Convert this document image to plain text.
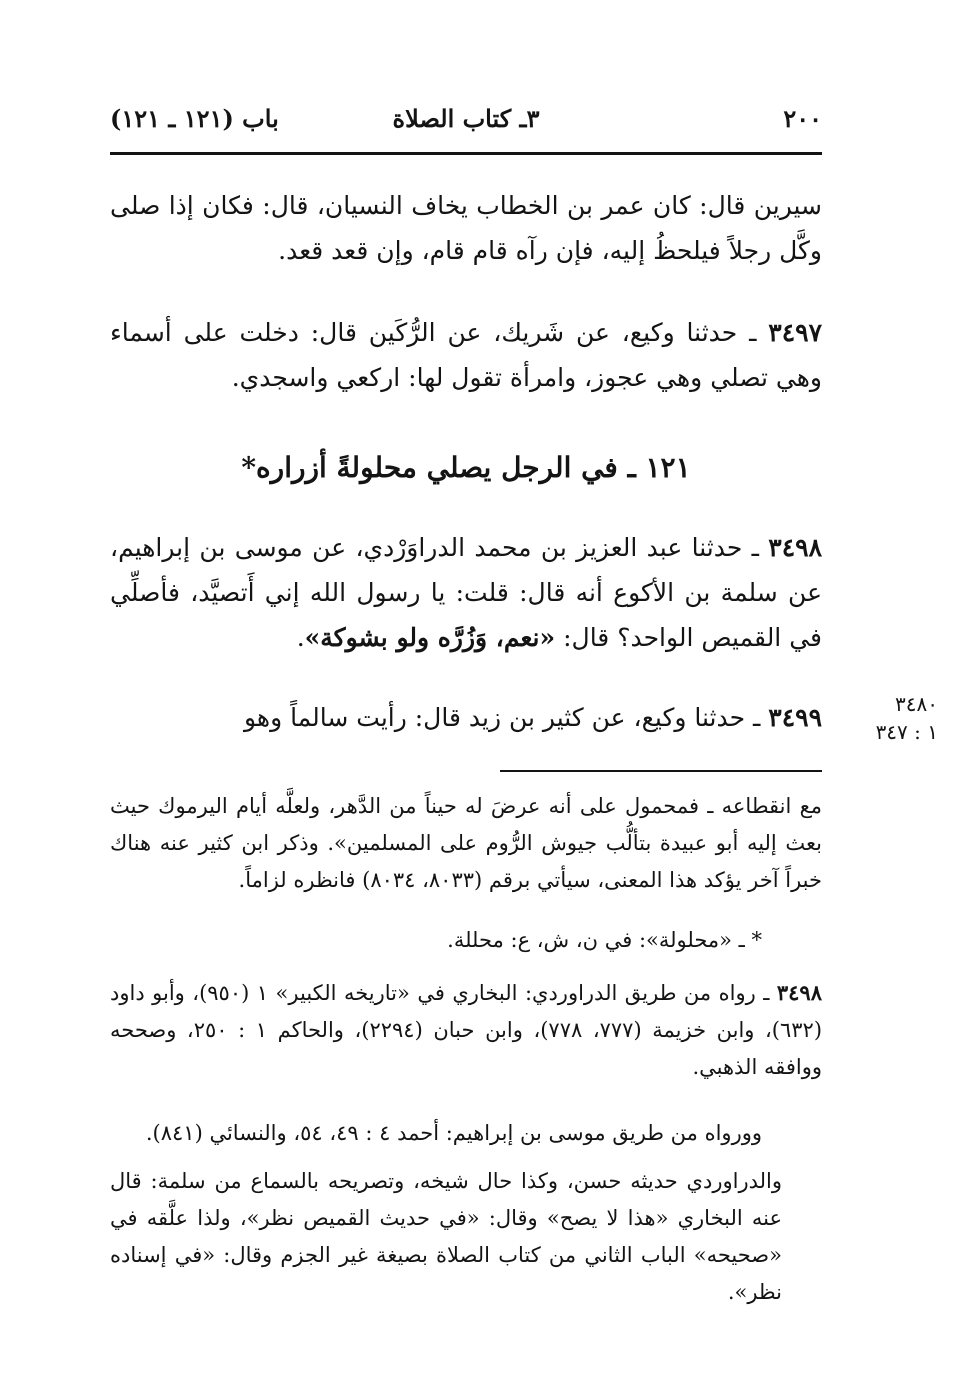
٢٠٠
٣ـ كتاب الصلاة
باب (١٢١ ـ ١٢١)
سيرين قال: كان عمر بن الخطاب يخاف النسيان، قال: فكان إذا صلى وكَّل رجلاً فيلحظُ إليه، فإن رآه قام قام، وإن قعد قعد.
٣٤٩٧ ـ حدثنا وكيع، عن شَريك، عن الرُّكَين قال: دخلت على أسماء وهي تصلي وهي عجوز، وامرأة تقول لها: اركعي واسجدي.
١٢١ ـ في الرجل يصلي محلولةً أزراره*
٣٤٩٨ ـ حدثنا عبد العزيز بن محمد الدراوَرْدي، عن موسى بن إبراهيم، عن سلمة بن الأكوع أنه قال: قلت: يا رسول الله إني أَتصيَّد، فأصلِّي في القميص الواحد؟ قال: «نعم، وَزُرَّه ولو بشوكة».
٣٤٩٩ ـ حدثنا وكيع، عن كثير بن زيد قال: رأيت سالماً وهو	٣٤٨٠
١ : ٣٤٧
مع انقطاعه ـ فمحمول على أنه عرضَ له حيناً من الدَّهر، ولعلَّه أيام اليرموك حيث بعث إليه أبو عبيدة بتألُّب جيوش الرُّوم على المسلمين». وذكر ابن كثير عنه هناك خبراً آخر يؤكد هذا المعنى، سيأتي برقم (٨٠٣٣، ٨٠٣٤) فانظره لزاماً.
* ـ «محلولة»: في ن، ش، ع: محللة.
٣٤٩٨ ـ رواه من طريق الدراوردي: البخاري في «تاريخه الكبير» ١ (٩٥٠)، وأبو داود (٦٣٢)، وابن خزيمة (٧٧٧، ٧٧٨)، وابن حبان (٢٢٩٤)، والحاكم ١ : ٢٥٠، وصححه ووافقه الذهبي.
وورواه من طريق موسى بن إبراهيم: أحمد ٤ : ٤٩، ٥٤، والنسائي (٨٤١).
والدراوردي حديثه حسن، وكذا حال شيخه، وتصريحه بالسماع من سلمة: قال عنه البخاري «هذا لا يصح» وقال: «في حديث القميص نظر»، ولذا علَّقه في «صحيحه» الباب الثاني من كتاب الصلاة بصيغة غير الجزم وقال: «في إسناده نظر».
